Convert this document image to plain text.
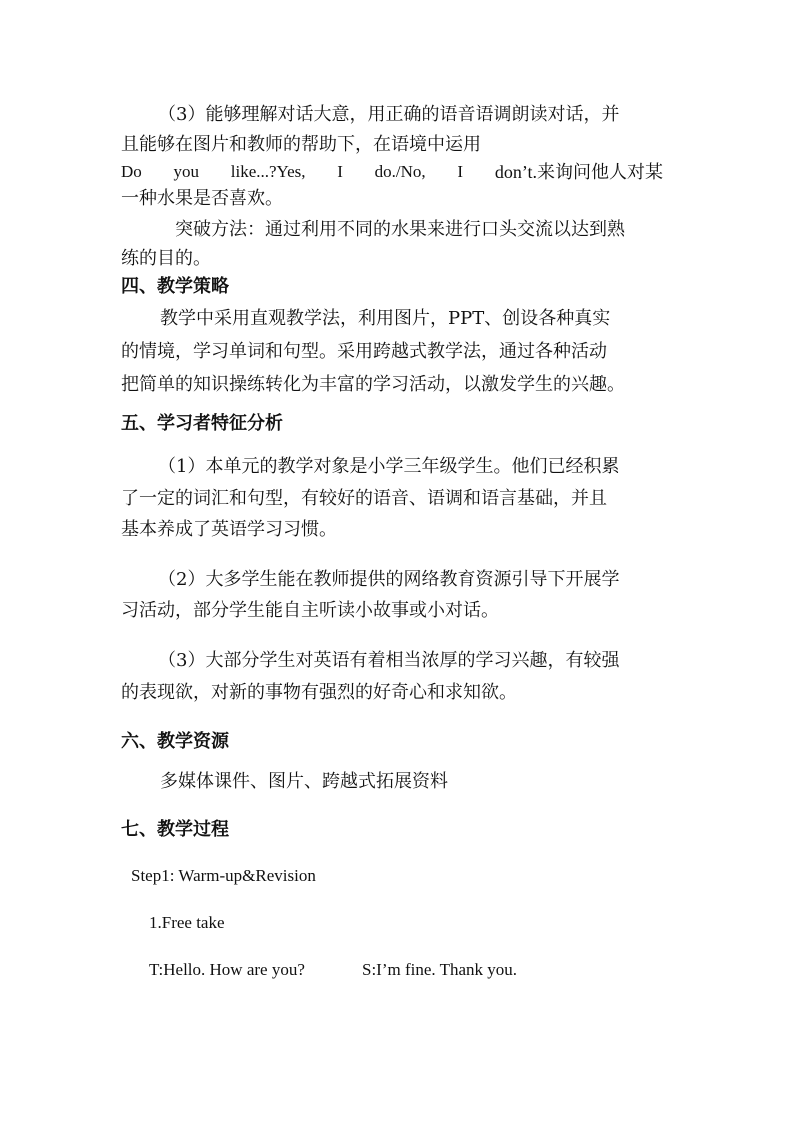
（3）能够理解对话大意，用正确的语音语调朗读对话，并
且能够在图片和教师的帮助下，在语境中运用
Do you like...?Yes, I do./No, I don’t.来询问他人对某
一种水果是否喜欢。
突破方法：通过利用不同的水果来进行口头交流以达到熟
练的目的。
四、教学策略
教学中采用直观教学法，利用图片，PPT、创设各种真实
的情境，学习单词和句型。采用跨越式教学法，通过各种活动
把简单的知识操练转化为丰富的学习活动，以激发学生的兴趣。
五、学习者特征分析
（1）本单元的教学对象是小学三年级学生。他们已经积累
了一定的词汇和句型，有较好的语音、语调和语言基础，并且
基本养成了英语学习习惯。
（2）大多学生能在教师提供的网络教育资源引导下开展学
习活动，部分学生能自主听读小故事或小对话。
（3）大部分学生对英语有着相当浓厚的学习兴趣，有较强
的表现欲，对新的事物有强烈的好奇心和求知欲。
六、教学资源
多媒体课件、图片、跨越式拓展资料
七、教学过程
Step1: Warm-up&Revision
1.Free take
T:Hello. How are you?	S:I’m fine. Thank you.
